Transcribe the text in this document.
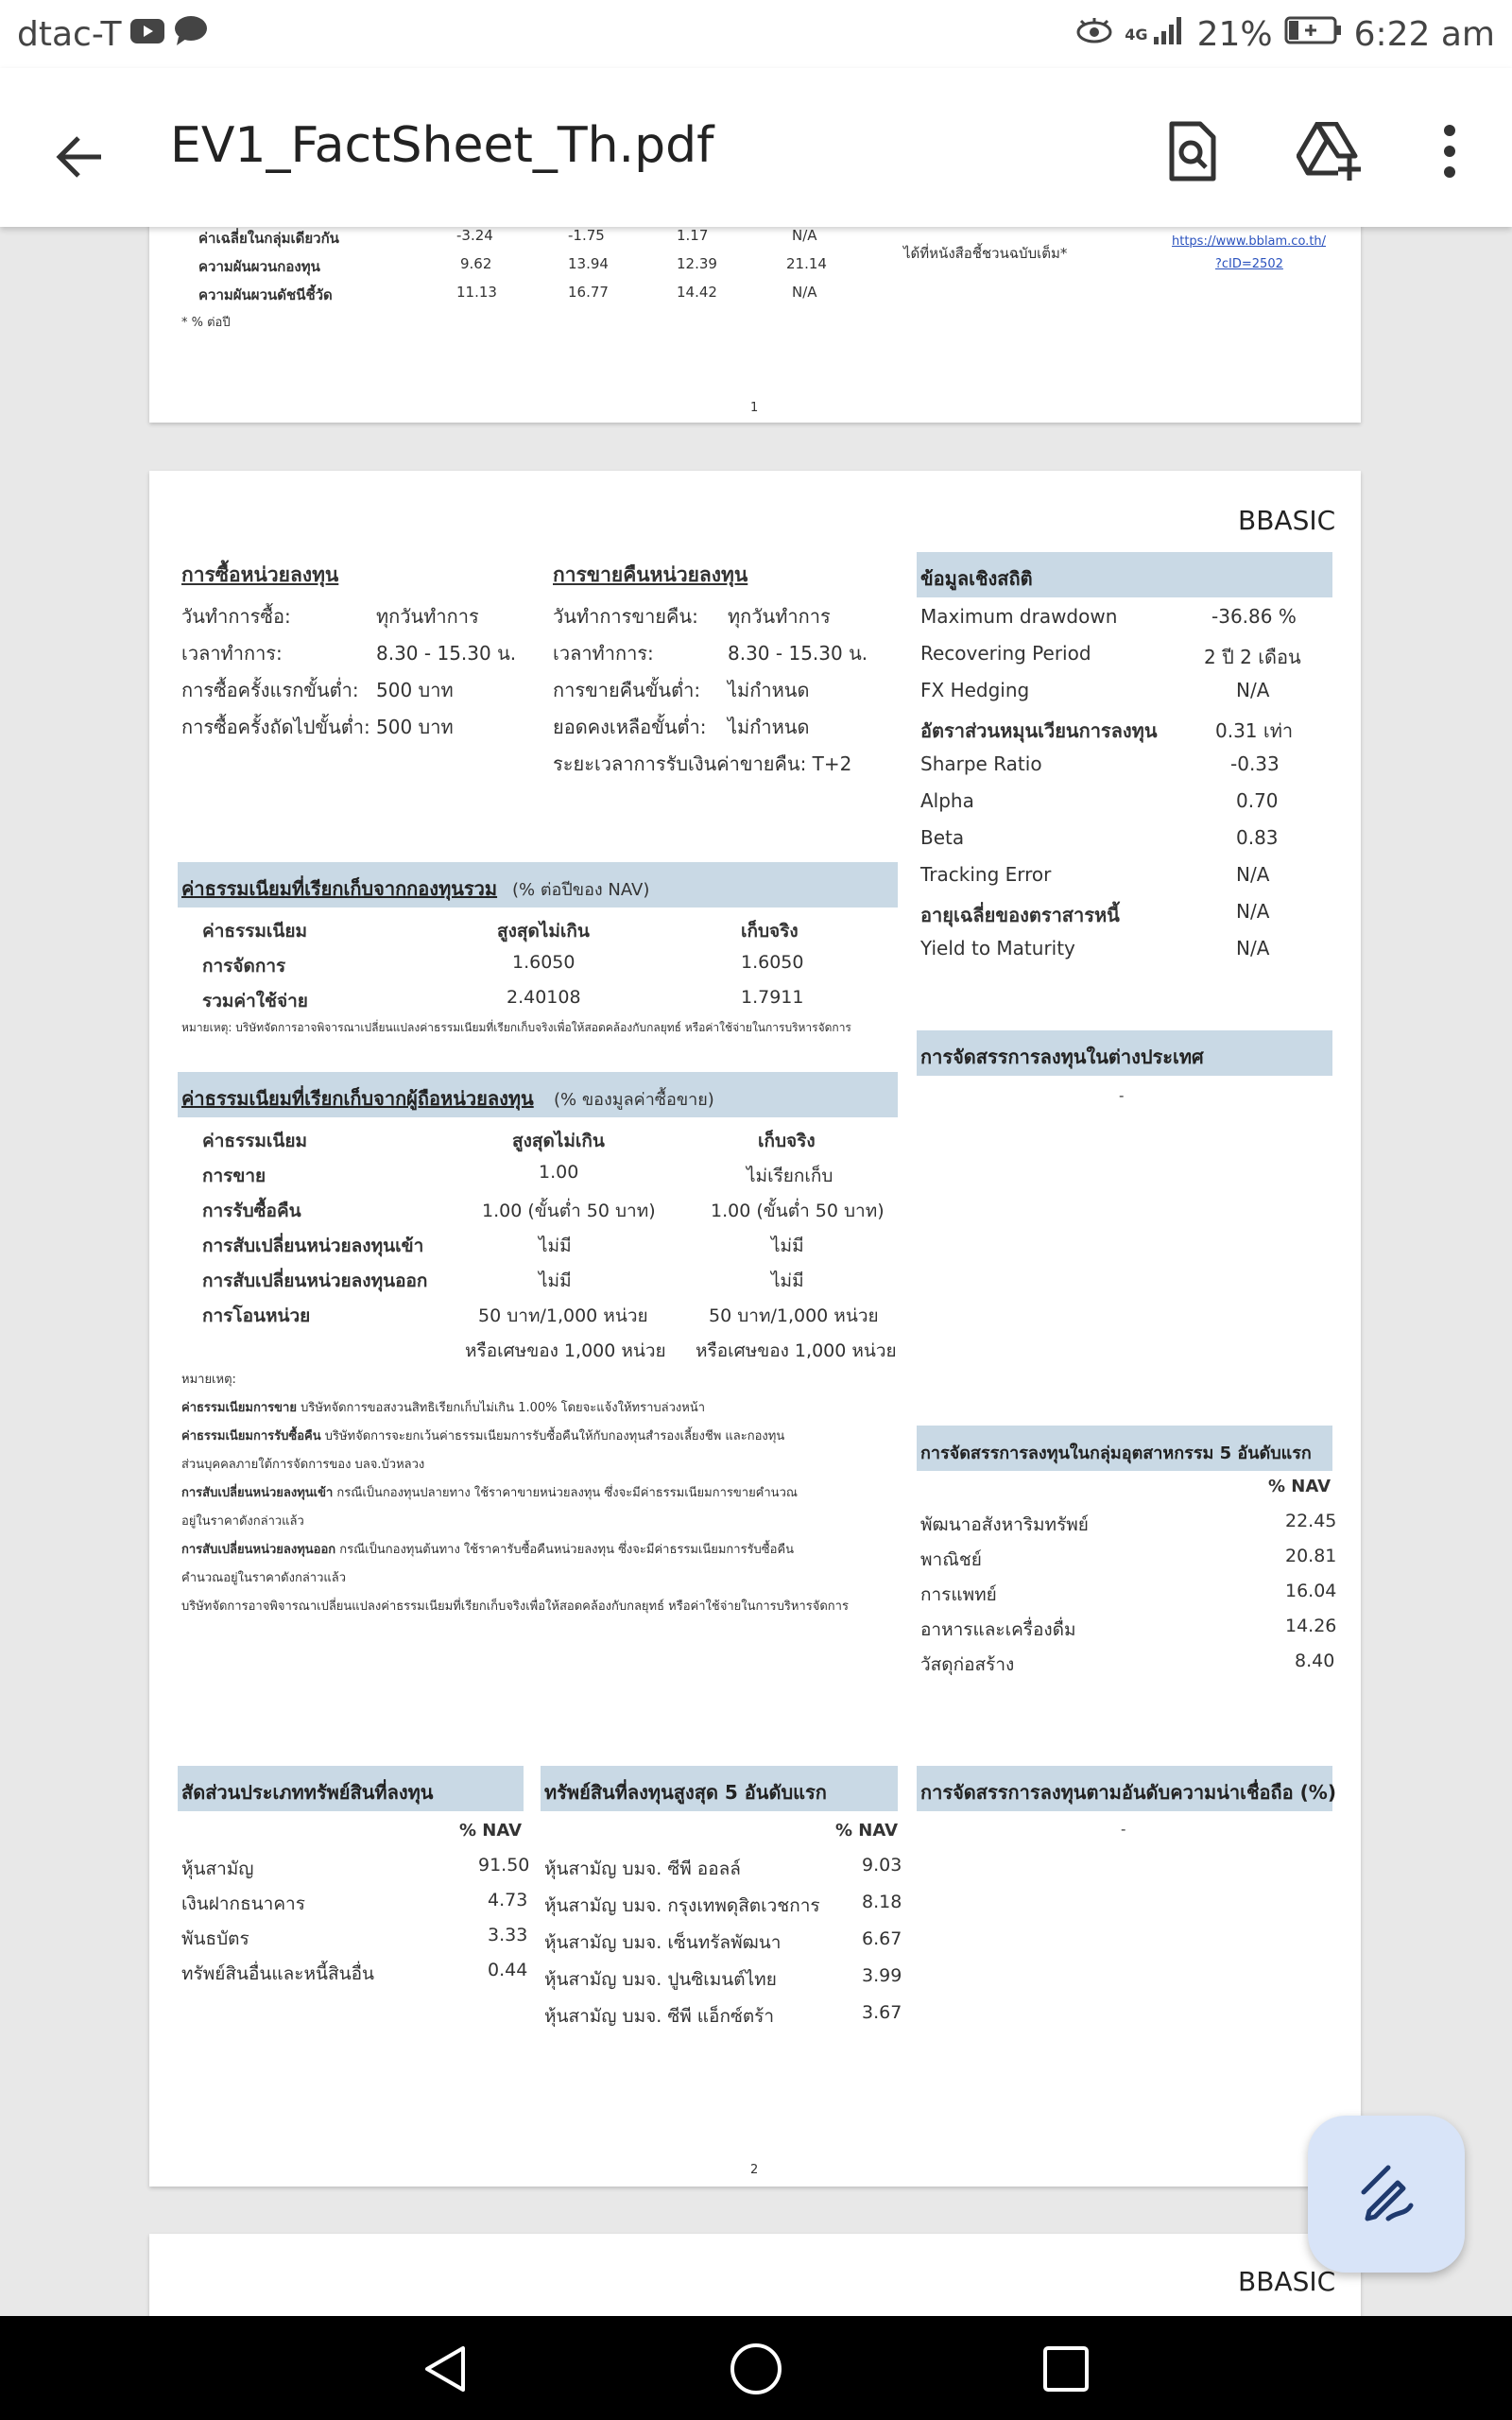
dtac-T	4G 21% 6:22 am
EV1_FactSheet_Th.pdf
ค่าเฉลี่ยในกลุ่มเดียวกัน	-3.24	-1.75	1.17	N/A
ความผันผวนกองทุน	9.62	13.94	12.39	21.14
ความผันผวนดัชนีชี้วัด	11.13	16.77	14.42	N/A
* % ต่อปี
ได้ที่หนังสือชี้ชวนฉบับเต็ม*
https://www.bblam.co.th/
?cID=2502
1
BBASIC
การซื้อหน่วยลงทุน
วันทำการซื้อ:	ทุกวันทำการ
เวลาทำการ:	8.30 - 15.30 น.
การซื้อครั้งแรกขั้นต่ำ: 500 บาท
การซื้อครั้งถัดไปขั้นต่ำ: 500 บาท
การขายคืนหน่วยลงทุน
วันทำการขายคืน: ทุกวันทำการ
เวลาทำการ:	8.30 - 15.30 น.
การขายคืนขั้นต่ำ: ไม่กำหนด
ยอดคงเหลือขั้นต่ำ: ไม่กำหนด
ระยะเวลาการรับเงินค่าขายคืน: T+2
ข้อมูลเชิงสถิติ
Maximum drawdown	-36.86 %
Recovering Period	2 ปี 2 เดือน
FX Hedging	N/A
อัตราส่วนหมุนเวียนการลงทุน	0.31 เท่า
Sharpe Ratio	-0.33
Alpha	0.70
Beta	0.83
Tracking Error	N/A
อายุเฉลี่ยของตราสารหนี้	N/A
Yield to Maturity	N/A
ค่าธรรมเนียมที่เรียกเก็บจากกองทุนรวม (% ต่อปีของ NAV)
ค่าธรรมเนียม	สูงสุดไม่เกิน	เก็บจริง
การจัดการ	1.6050	1.6050
รวมค่าใช้จ่าย	2.40108	1.7911
หมายเหตุ: บริษัทจัดการอาจพิจารณาเปลี่ยนแปลงค่าธรรมเนียมที่เรียกเก็บจริงเพื่อให้สอดคล้องกับกลยุทธ์ หรือค่าใช้จ่ายในการบริหารจัดการ
ค่าธรรมเนียมที่เรียกเก็บจากผู้ถือหน่วยลงทุน (% ของมูลค่าซื้อขาย)
ค่าธรรมเนียม	สูงสุดไม่เกิน	เก็บจริง
การขาย	1.00	ไม่เรียกเก็บ
การรับซื้อคืน	1.00 (ขั้นต่ำ 50 บาท)	1.00 (ขั้นต่ำ 50 บาท)
การสับเปลี่ยนหน่วยลงทุนเข้า	ไม่มี	ไม่มี
การสับเปลี่ยนหน่วยลงทุนออก	ไม่มี	ไม่มี
การโอนหน่วย	50 บาท/1,000 หน่วย	50 บาท/1,000 หน่วย
หรือเศษของ 1,000 หน่วย หรือเศษของ 1,000 หน่วย
หมายเหตุ:
ค่าธรรมเนียมการขาย บริษัทจัดการขอสงวนสิทธิเรียกเก็บไม่เกิน 1.00% โดยจะแจ้งให้ทราบล่วงหน้า
ค่าธรรมเนียมการรับซื้อคืน บริษัทจัดการจะยกเว้นค่าธรรมเนียมการรับซื้อคืนให้กับกองทุนสำรองเลี้ยงชีพ และกองทุน
ส่วนบุคคลภายใต้การจัดการของ บลจ.บัวหลวง
การสับเปลี่ยนหน่วยลงทุนเข้า กรณีเป็นกองทุนปลายทาง ใช้ราคาขายหน่วยลงทุน ซึ่งจะมีค่าธรรมเนียมการขายคำนวณ
อยู่ในราคาดังกล่าวแล้ว
การสับเปลี่ยนหน่วยลงทุนออก กรณีเป็นกองทุนต้นทาง ใช้ราคารับซื้อคืนหน่วยลงทุน ซึ่งจะมีค่าธรรมเนียมการรับซื้อคืน
คำนวณอยู่ในราคาดังกล่าวแล้ว
บริษัทจัดการอาจพิจารณาเปลี่ยนแปลงค่าธรรมเนียมที่เรียกเก็บจริงเพื่อให้สอดคล้องกับกลยุทธ์ หรือค่าใช้จ่ายในการบริหารจัดการ
การจัดสรรการลงทุนในต่างประเทศ
-
การจัดสรรการลงทุนในกลุ่มอุตสาหกรรม 5 อันดับแรก
% NAV
พัฒนาอสังหาริมทรัพย์	22.45
พาณิชย์	20.81
การแพทย์	16.04
อาหารและเครื่องดื่ม	14.26
วัสดุก่อสร้าง	8.40
สัดส่วนประเภททรัพย์สินที่ลงทุน
% NAV
หุ้นสามัญ	91.50
เงินฝากธนาคาร	4.73
พันธบัตร	3.33
ทรัพย์สินอื่นและหนี้สินอื่น	0.44
ทรัพย์สินที่ลงทุนสูงสุด 5 อันดับแรก
% NAV
หุ้นสามัญ บมจ. ซีพี ออลล์	9.03
หุ้นสามัญ บมจ. กรุงเทพดุสิตเวชการ 8.18
หุ้นสามัญ บมจ. เซ็นทรัลพัฒนา	6.67
หุ้นสามัญ บมจ. ปูนซิเมนต์ไทย	3.99
หุ้นสามัญ บมจ. ซีพี แอ็กซ์ตร้า	3.67
การจัดสรรการลงทุนตามอันดับความน่าเชื่อถือ (%)
-
2
BBASIC
